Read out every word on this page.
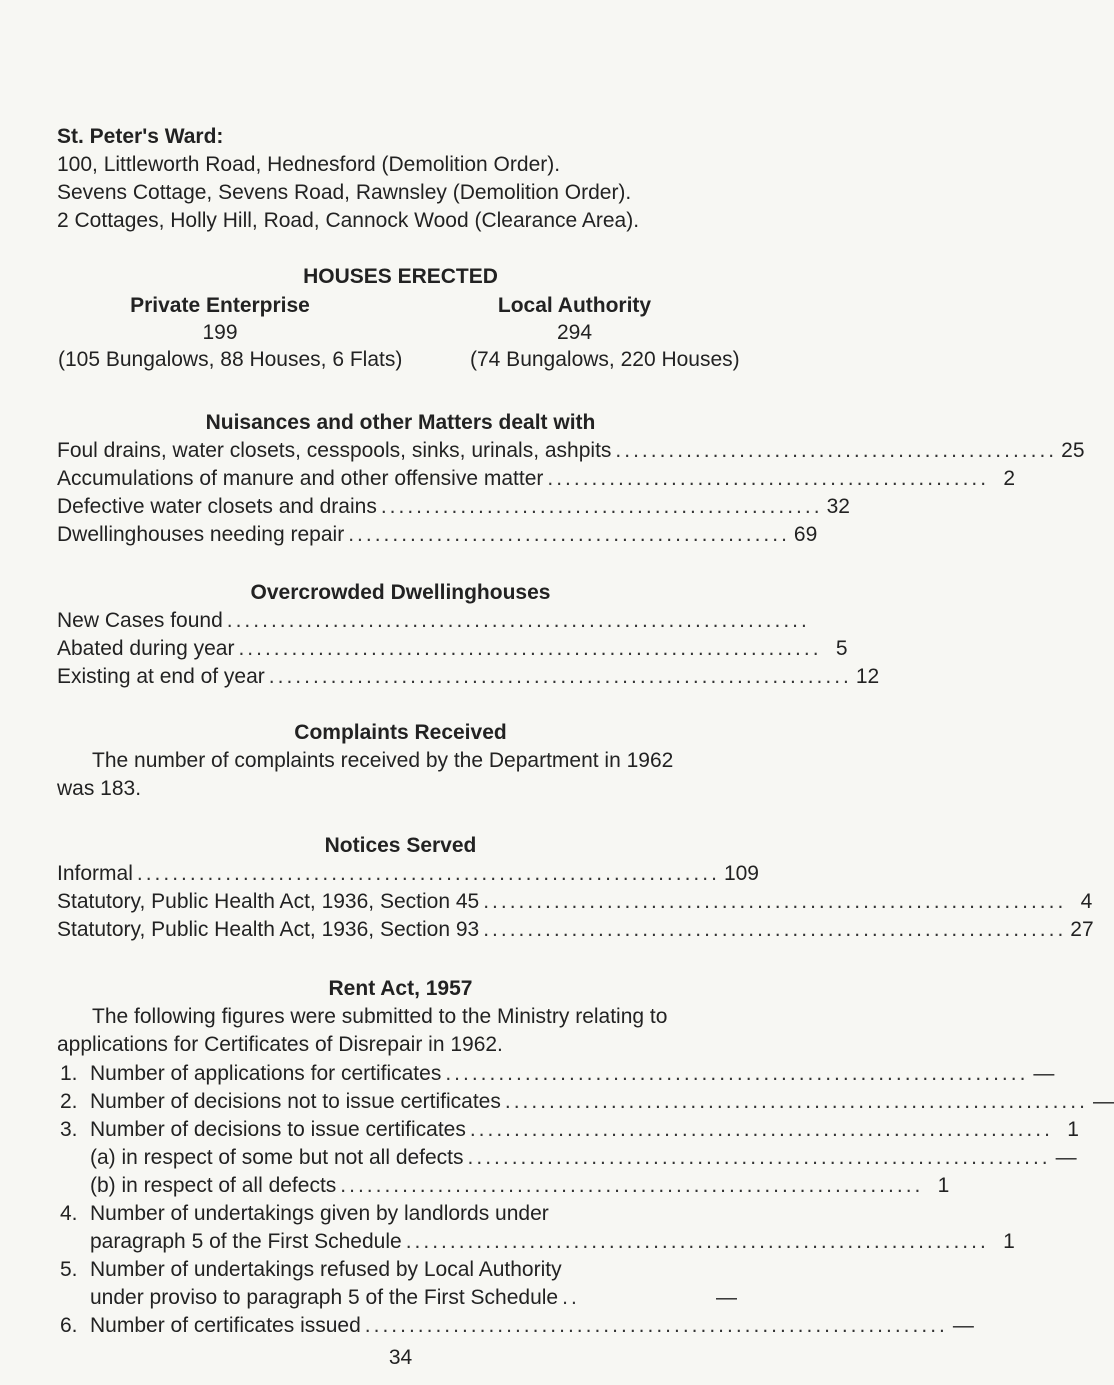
St. Peter's Ward:
100, Littleworth Road, Hednesford (Demolition Order).
Sevens Cottage, Sevens Road, Rawnsley (Demolition Order).
2 Cottages, Holly Hill, Road, Cannock Wood (Clearance Area).
HOUSES ERECTED
Private Enterprise	Local Authority
199	294
(105 Bungalows, 88 Houses, 6 Flats)	(74 Bungalows, 220 Houses)
Nuisances and other Matters dealt with
Foul drains, water closets, cesspools, sinks, urinals, ashpits .................................................. 25
Accumulations of manure and other offensive matter .................................................. 2
Defective water closets and drains .................................................. 32
Dwellinghouses needing repair .................................................. 69
Overcrowded Dwellinghouses
New Cases found ..................................................................
Abated during year .................................................................. 5
Existing at end of year .................................................................. 12
Complaints Received
The number of complaints received by the Department in 1962
was 183.
Notices Served
Informal .................................................................. 109
Statutory, Public Health Act, 1936, Section 45 .................................................................. 4
Statutory, Public Health Act, 1936, Section 93 .................................................................. 27
Rent Act, 1957
The following figures were submitted to the Ministry relating to
applications for Certificates of Disrepair in 1962.
1. Number of applications for certificates .................................................................. —
2. Number of decisions not to issue certificates .................................................................. —
3. Number of decisions to issue certificates .................................................................. 1
(a) in respect of some but not all defects .................................................................. —
(b) in respect of all defects .................................................................. 1
4. Number of undertakings given by landlords under
paragraph 5 of the First Schedule .................................................................. 1
5. Number of undertakings refused by Local Authority
under proviso to paragraph 5 of the First Schedule ..	—
6. Number of certificates issued .................................................................. —
34
